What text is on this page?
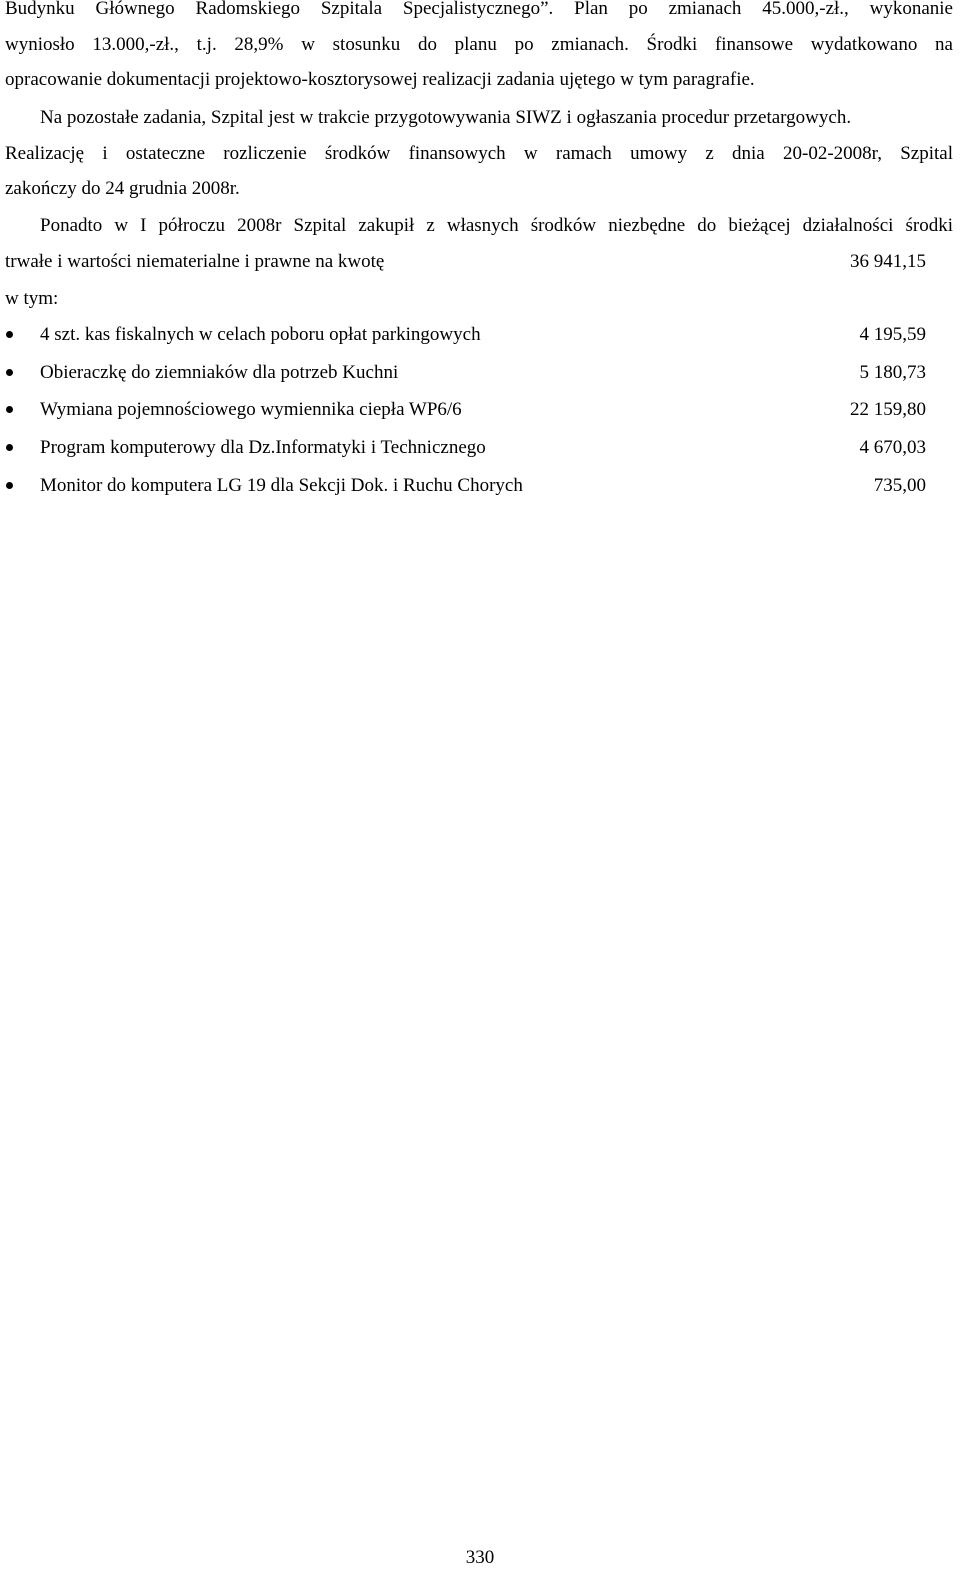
Budynku Głównego Radomskiego Szpitala Specjalistycznego”. Plan po zmianach 45.000,-zł., wykonanie
wyniosło 13.000,-zł., t.j. 28,9% w stosunku do planu po zmianach. Środki finansowe wydatkowano na
opracowanie dokumentacji projektowo-kosztorysowej realizacji zadania ujętego w tym paragrafie.
Na pozostałe zadania, Szpital jest w trakcie przygotowywania SIWZ i ogłaszania procedur przetargowych.
Realizację i ostateczne rozliczenie środków finansowych w ramach umowy z dnia 20-02-2008r, Szpital
zakończy do 24 grudnia 2008r.
Ponadto w I półroczu 2008r Szpital zakupił z własnych środków niezbędne do bieżącej działalności środki
trwałe i wartości niematerialne i prawne na kwotę	36 941,15
w tym:
4 szt. kas fiskalnych w celach poboru opłat parkingowych	4 195,59
Obieraczkę do ziemniaków dla potrzeb Kuchni	5 180,73
Wymiana pojemnościowego wymiennika ciepła WP6/6	22 159,80
Program komputerowy dla Dz.Informatyki i Technicznego	4 670,03
Monitor do komputera LG 19 dla Sekcji Dok. i Ruchu Chorych	735,00
330
